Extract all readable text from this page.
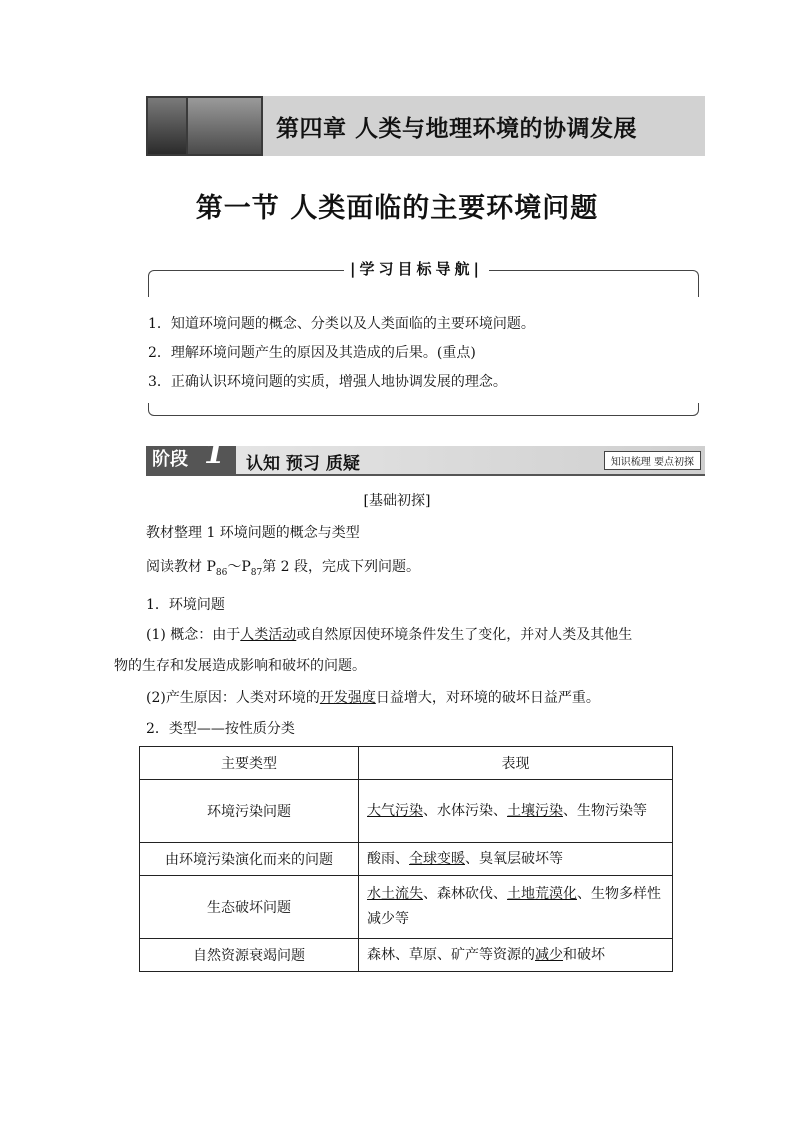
第四章 人类与地理环境的协调发展
第一节 人类面临的主要环境问题
|学习目标导航|
1．知道环境问题的概念、分类以及人类面临的主要环境问题。
2．理解环境问题产生的原因及其造成的后果。(重点)
3．正确认识环境问题的实质，增强人地协调发展的理念。
阶段 1 认知 预习 质疑	知识梳理 要点初探
[基础初探]
教材整理 1 环境问题的概念与类型
阅读教材 $P_{86}\sim P_{87}$第 2 段，完成下列问题。
1．环境问题
(1) 概念：由于人类活动或自然原因使环境条件发生了变化，并对人类及其他生
物的生存和发展造成影响和破坏的问题。
(2)产生原因：人类对环境的开发强度日益增大，对环境的破坏日益严重。
2．类型——按性质分类
主要类型	表现
环境污染问题	大气污染、水体污染、土壤污染、生物污染等
由环境污染演化而来的问题	酸雨、全球变暖、臭氧层破坏等
生态破坏问题	水土流失、森林砍伐、土地荒漠化、生物多样性减少等
自然资源衰竭问题	森林、草原、矿产等资源的减少和破坏
